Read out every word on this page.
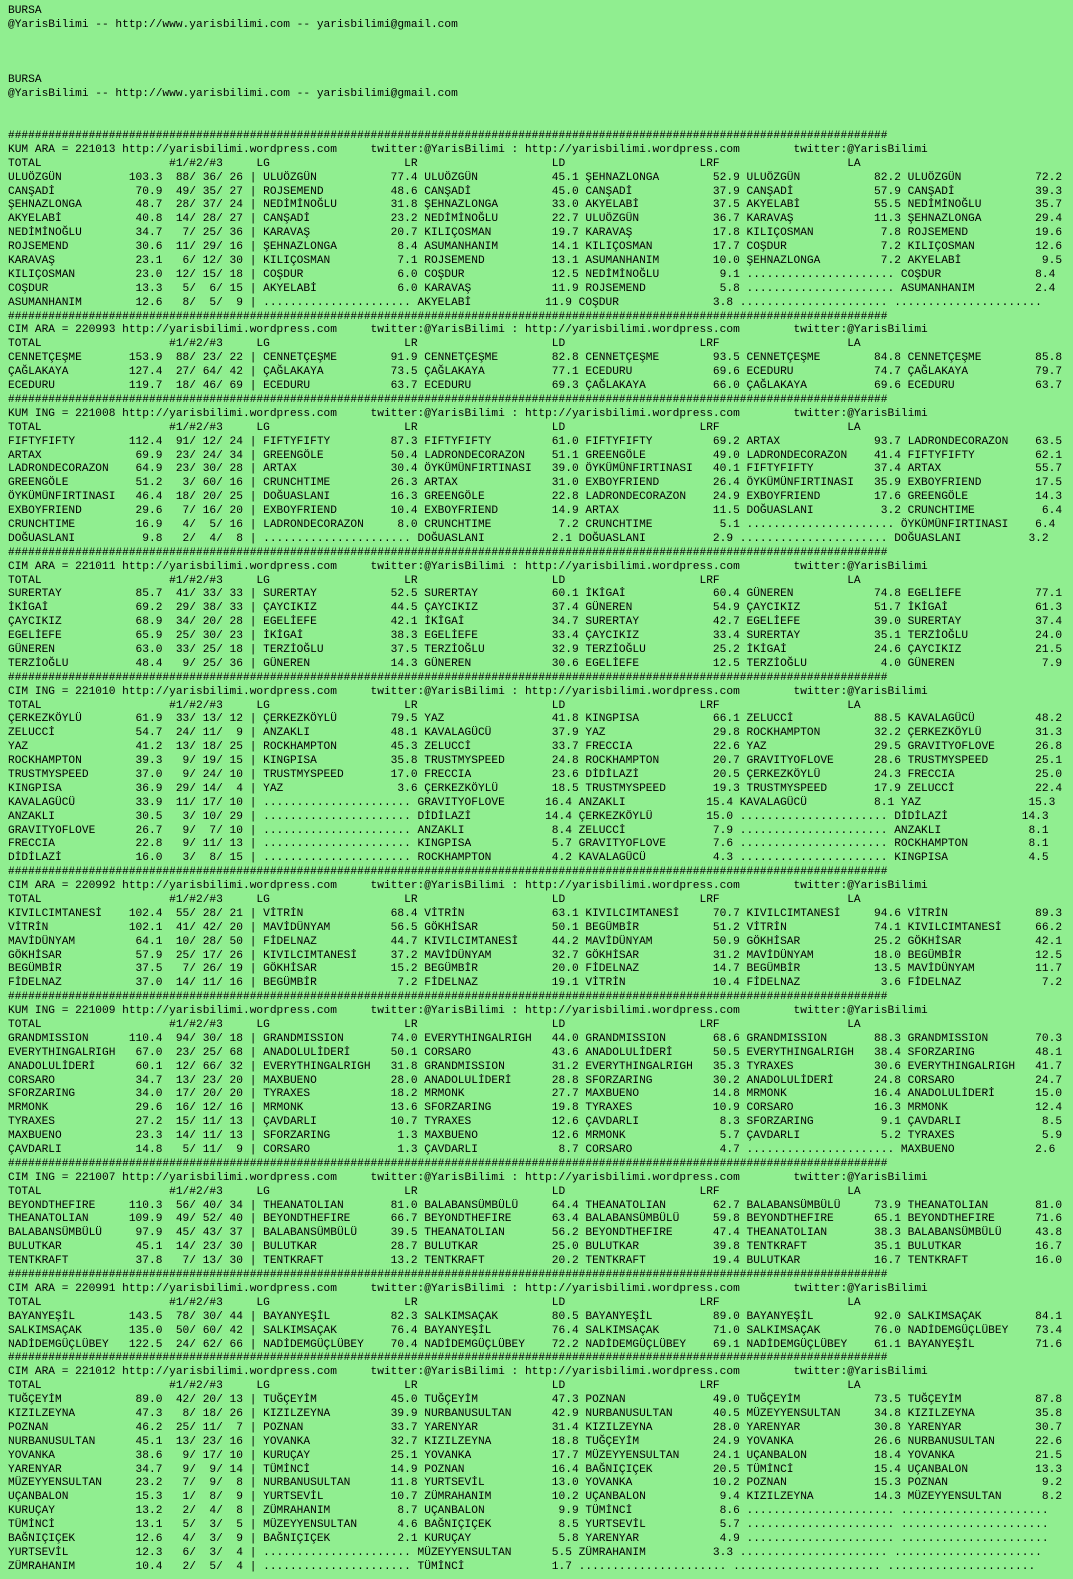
BURSA
@YarisBilimi -- http://www.yarisbilimi.com -- yarisbilimi@gmail.com
BURSA
@YarisBilimi -- http://www.yarisbilimi.com -- yarisbilimi@gmail.com
###################################################################################################################################
KUM ARA = 221013 http://yarisbilimi.wordpress.com     twitter:@YarisBilimi : http://yarisbilimi.wordpress.com        twitter:@YarisBilimi
TOTAL                   #1/#2/#3     LG                    LR                    LD                    LRF                   LA
ULUÖZGÜN          103.3  88/ 36/ 26 | ULUÖZGÜN           77.4 ULUÖZGÜN           45.1 ŞEHNAZLONGA        52.9 ULUÖZGÜN           82.2 ULUÖZGÜN           72.2
CANŞADİ            70.9  49/ 35/ 27 | ROJSEMEND          48.6 CANŞADİ            45.0 CANŞADİ            37.9 CANŞADİ            57.9 CANŞADİ            39.3
ŞEHNAZLONGA        48.7  28/ 37/ 24 | NEDİMİNOĞLU        31.8 ŞEHNAZLONGA        33.0 AKYELABİ           37.5 AKYELABİ           55.5 NEDİMİNOĞLU        35.7
AKYELABİ           40.8  14/ 28/ 27 | CANŞADİ            23.2 NEDİMİNOĞLU        22.7 ULUÖZGÜN           36.7 KARAVAŞ            11.3 ŞEHNAZLONGA        29.4
NEDİMİNOĞLU        34.7   7/ 25/ 36 | KARAVAŞ            20.7 KILIÇOSMAN         19.7 KARAVAŞ            17.8 KILIÇOSMAN          7.8 ROJSEMEND          19.6
ROJSEMEND          30.6  11/ 29/ 16 | ŞEHNAZLONGA         8.4 ASUMANHANIM        14.1 KILIÇOSMAN         17.7 COŞDUR              7.2 KILIÇOSMAN         12.6
KARAVAŞ            23.1   6/ 12/ 30 | KILIÇOSMAN          7.1 ROJSEMEND          13.1 ASUMANHANIM        10.0 ŞEHNAZLONGA         7.2 AKYELABİ            9.5
KILIÇOSMAN         23.0  12/ 15/ 18 | COŞDUR              6.0 COŞDUR             12.5 NEDİMİNOĞLU         9.1 ...................... COŞDUR              8.4
COŞDUR             13.3   5/  6/ 15 | AKYELABİ            6.0 KARAVAŞ            11.9 ROJSEMEND           5.8 ...................... ASUMANHANIM         2.4
ASUMANHANIM        12.6   8/  5/  9 | ...................... AKYELABİ           11.9 COŞDUR              3.8 ...................... ......................
###################################################################################################################################
CIM ARA = 220993 http://yarisbilimi.wordpress.com     twitter:@YarisBilimi : http://yarisbilimi.wordpress.com        twitter:@YarisBilimi
TOTAL                   #1/#2/#3     LG                    LR                    LD                    LRF                   LA
CENNETÇEŞME       153.9  88/ 23/ 22 | CENNETÇEŞME        91.9 CENNETÇEŞME        82.8 CENNETÇEŞME        93.5 CENNETÇEŞME        84.8 CENNETÇEŞME        85.8
ÇAĞLAKAYA         127.4  27/ 64/ 42 | ÇAĞLAKAYA          73.5 ÇAĞLAKAYA          77.1 ECEDURU            69.6 ECEDURU            74.7 ÇAĞLAKAYA          79.7
ECEDURU           119.7  18/ 46/ 69 | ECEDURU            63.7 ECEDURU            69.3 ÇAĞLAKAYA          66.0 ÇAĞLAKAYA          69.6 ECEDURU            63.7
###################################################################################################################################
KUM ING = 221008 http://yarisbilimi.wordpress.com     twitter:@YarisBilimi : http://yarisbilimi.wordpress.com        twitter:@YarisBilimi
TOTAL                   #1/#2/#3     LG                    LR                    LD                    LRF                   LA
FIFTYFIFTY        112.4  91/ 12/ 24 | FIFTYFIFTY         87.3 FIFTYFIFTY         61.0 FIFTYFIFTY         69.2 ARTAX              93.7 LADRONDECORAZON    63.5
ARTAX              69.9  23/ 24/ 34 | GREENGÖLE          50.4 LADRONDECORAZON    51.1 GREENGÖLE          49.0 LADRONDECORAZON    41.4 FIFTYFIFTY         62.1
LADRONDECORAZON    64.9  23/ 30/ 28 | ARTAX              30.4 ÖYKÜMÜNFIRTINASI   39.0 ÖYKÜMÜNFIRTINASI   40.1 FIFTYFIFTY         37.4 ARTAX              55.7
GREENGÖLE          51.2   3/ 60/ 16 | CRUNCHTIME         26.3 ARTAX              31.0 EXBOYFRIEND        26.4 ÖYKÜMÜNFIRTINASI   35.9 EXBOYFRIEND        17.5
ÖYKÜMÜNFIRTINASI   46.4  18/ 20/ 25 | DOĞUASLANI         16.3 GREENGÖLE          22.8 LADRONDECORAZON    24.9 EXBOYFRIEND        17.6 GREENGÖLE          14.3
EXBOYFRIEND        29.6   7/ 16/ 20 | EXBOYFRIEND        10.4 EXBOYFRIEND        14.9 ARTAX              11.5 DOĞUASLANI          3.2 CRUNCHTIME          6.4
CRUNCHTIME         16.9   4/  5/ 16 | LADRONDECORAZON     8.0 CRUNCHTIME          7.2 CRUNCHTIME          5.1 ...................... ÖYKÜMÜNFIRTINASI    6.4
DOĞUASLANI          9.8   2/  4/  8 | ...................... DOĞUASLANI          2.1 DOĞUASLANI          2.9 ...................... DOĞUASLANI          3.2
###################################################################################################################################
CIM ARA = 221011 http://yarisbilimi.wordpress.com     twitter:@YarisBilimi : http://yarisbilimi.wordpress.com        twitter:@YarisBilimi
TOTAL                   #1/#2/#3     LG                    LR                    LD                    LRF                   LA
SURERTAY           85.7  41/ 33/ 33 | SURERTAY           52.5 SURERTAY           60.1 İKİGAİ             60.4 GÜNEREN            74.8 EGELİEFE           77.1
İKİGAİ             69.2  29/ 38/ 33 | ÇAYCIKIZ           44.5 ÇAYCIKIZ           37.4 GÜNEREN            54.9 ÇAYCIKIZ           51.7 İKİGAİ             61.3
ÇAYCIKIZ           68.9  34/ 20/ 28 | EGELİEFE           42.1 İKİGAİ             34.7 SURERTAY           42.7 EGELİEFE           39.0 SURERTAY           37.4
EGELİEFE           65.9  25/ 30/ 23 | İKİGAİ             38.3 EGELİEFE           33.4 ÇAYCIKIZ           33.4 SURERTAY           35.1 TERZİOĞLU          24.0
GÜNEREN            63.0  33/ 25/ 18 | TERZİOĞLU          37.5 TERZİOĞLU          32.9 TERZİOĞLU          25.2 İKİGAİ             24.6 ÇAYCIKIZ           21.5
TERZİOĞLU          48.4   9/ 25/ 36 | GÜNEREN            14.3 GÜNEREN            30.6 EGELİEFE           12.5 TERZİOĞLU           4.0 GÜNEREN             7.9
###################################################################################################################################
CIM ING = 221010 http://yarisbilimi.wordpress.com     twitter:@YarisBilimi : http://yarisbilimi.wordpress.com        twitter:@YarisBilimi
TOTAL                   #1/#2/#3     LG                    LR                    LD                    LRF                   LA
ÇERKEZKÖYLÜ        61.9  33/ 13/ 12 | ÇERKEZKÖYLÜ        79.5 YAZ                41.8 KINGPISA           66.1 ZELUCCİ            88.5 KAVALAGÜCÜ         48.2
ZELUCCİ            54.7  24/ 11/  9 | ANZAKLI            48.1 KAVALAGÜCÜ         37.9 YAZ                29.8 ROCKHAMPTON        32.2 ÇERKEZKÖYLÜ        31.3
YAZ                41.2  13/ 18/ 25 | ROCKHAMPTON        45.3 ZELUCCİ            33.7 FRECCIA            22.6 YAZ                29.5 GRAVITYOFLOVE      26.8
ROCKHAMPTON        39.3   9/ 19/ 15 | KINGPISA           35.8 TRUSTMYSPEED       24.8 ROCKHAMPTON        20.7 GRAVITYOFLOVE      28.6 TRUSTMYSPEED       25.1
TRUSTMYSPEED       37.0   9/ 24/ 10 | TRUSTMYSPEED       17.0 FRECCIA            23.6 DİDİLAZİ           20.5 ÇERKEZKÖYLÜ        24.3 FRECCIA            25.0
KINGPISA           36.9  29/ 14/  4 | YAZ                 3.6 ÇERKEZKÖYLÜ        18.5 TRUSTMYSPEED       19.3 TRUSTMYSPEED       17.9 ZELUCCİ            22.4
KAVALAGÜCÜ         33.9  11/ 17/ 10 | ...................... GRAVITYOFLOVE      16.4 ANZAKLI            15.4 KAVALAGÜCÜ          8.1 YAZ                15.3
ANZAKLI            30.5   3/ 10/ 29 | ...................... DİDİLAZİ           14.4 ÇERKEZKÖYLÜ        15.0 ...................... DİDİLAZİ           14.3
GRAVITYOFLOVE      26.7   9/  7/ 10 | ...................... ANZAKLI             8.4 ZELUCCİ             7.9 ...................... ANZAKLI             8.1
FRECCIA            22.8   9/ 11/ 13 | ...................... KINGPISA            5.7 GRAVITYOFLOVE       7.6 ...................... ROCKHAMPTON         8.1
DİDİLAZİ           16.0   3/  8/ 15 | ...................... ROCKHAMPTON         4.2 KAVALAGÜCÜ          4.3 ...................... KINGPISA            4.5
###################################################################################################################################
CIM ARA = 220992 http://yarisbilimi.wordpress.com     twitter:@YarisBilimi : http://yarisbilimi.wordpress.com        twitter:@YarisBilimi
TOTAL                   #1/#2/#3     LG                    LR                    LD                    LRF                   LA
KIVILCIMTANESİ    102.4  55/ 28/ 21 | VİTRİN             68.4 VİTRİN             63.1 KIVILCIMTANESİ     70.7 KIVILCIMTANESİ     94.6 VİTRİN             89.3
VİTRİN            102.1  41/ 42/ 20 | MAVİDÜNYAM         56.5 GÖKHİSAR           50.1 BEGÜMBİR           51.2 VİTRİN             74.1 KIVILCIMTANESİ     66.2
MAVİDÜNYAM         64.1  10/ 28/ 50 | FİDELNAZ           44.7 KIVILCIMTANESİ     44.2 MAVİDÜNYAM         50.9 GÖKHİSAR           25.2 GÖKHİSAR           42.1
GÖKHİSAR           57.9  25/ 17/ 26 | KIVILCIMTANESİ     37.2 MAVİDÜNYAM         32.7 GÖKHİSAR           31.2 MAVİDÜNYAM         18.0 BEGÜMBİR           12.5
BEGÜMBİR           37.5   7/ 26/ 19 | GÖKHİSAR           15.2 BEGÜMBİR           20.0 FİDELNAZ           14.7 BEGÜMBİR           13.5 MAVİDÜNYAM         11.7
FİDELNAZ           37.0  14/ 11/ 16 | BEGÜMBİR            7.2 FİDELNAZ           19.1 VİTRİN             10.4 FİDELNAZ            3.6 FİDELNAZ            7.2
###################################################################################################################################
KUM ING = 221009 http://yarisbilimi.wordpress.com     twitter:@YarisBilimi : http://yarisbilimi.wordpress.com        twitter:@YarisBilimi
TOTAL                   #1/#2/#3     LG                    LR                    LD                    LRF                   LA
GRANDMISSION      110.4  94/ 30/ 18 | GRANDMISSION       74.0 EVERYTHINGALRIGH   44.0 GRANDMISSION       68.6 GRANDMISSION       88.3 GRANDMISSION       70.3
EVERYTHINGALRIGH   67.0  23/ 25/ 68 | ANADOLULİDERİ      50.1 CORSARO            43.6 ANADOLULİDERİ      50.5 EVERYTHINGALRIGH   38.4 SFORZARING         48.1
ANADOLULİDERİ      60.1  12/ 66/ 32 | EVERYTHINGALRIGH   31.8 GRANDMISSION       31.2 EVERYTHINGALRIGH   35.3 TYRAXES            30.6 EVERYTHINGALRIGH   41.7
CORSARO            34.7  13/ 23/ 20 | MAXBUENO           28.0 ANADOLULİDERİ      28.8 SFORZARING         30.2 ANADOLULİDERİ      24.8 CORSARO            24.7
SFORZARING         34.0  17/ 20/ 20 | TYRAXES            18.2 MRMONK             27.7 MAXBUENO           14.8 MRMONK             16.4 ANADOLULİDERİ      15.0
MRMONK             29.6  16/ 12/ 16 | MRMONK             13.6 SFORZARING         19.8 TYRAXES            10.9 CORSARO            16.3 MRMONK             12.4
TYRAXES            27.2  15/ 11/ 13 | ÇAVDARLI           10.7 TYRAXES            12.6 ÇAVDARLI            8.3 SFORZARING          9.1 ÇAVDARLI            8.5
MAXBUENO           23.3  14/ 11/ 13 | SFORZARING          1.3 MAXBUENO           12.6 MRMONK              5.7 ÇAVDARLI            5.2 TYRAXES             5.9
ÇAVDARLI           14.8   5/ 11/  9 | CORSARO             1.3 ÇAVDARLI            8.7 CORSARO             4.7 ...................... MAXBUENO            2.6
###################################################################################################################################
CIM ING = 221007 http://yarisbilimi.wordpress.com     twitter:@YarisBilimi : http://yarisbilimi.wordpress.com        twitter:@YarisBilimi
TOTAL                   #1/#2/#3     LG                    LR                    LD                    LRF                   LA
BEYONDTHEFIRE     110.3  56/ 40/ 34 | THEANATOLIAN       81.0 BALABANSÜMBÜLÜ     64.4 THEANATOLIAN       62.7 BALABANSÜMBÜLÜ     73.9 THEANATOLIAN       81.0
THEANATOLIAN      109.9  49/ 52/ 40 | BEYONDTHEFIRE      66.7 BEYONDTHEFIRE      63.4 BALABANSÜMBÜLÜ     59.8 BEYONDTHEFIRE      65.1 BEYONDTHEFIRE      71.6
BALABANSÜMBÜLÜ     97.9  45/ 43/ 37 | BALABANSÜMBÜLÜ     39.5 THEANATOLIAN       56.2 BEYONDTHEFIRE      47.4 THEANATOLIAN       38.3 BALABANSÜMBÜLÜ     43.8
BULUTKAR           45.1  14/ 23/ 30 | BULUTKAR           28.7 BULUTKAR           25.0 BULUTKAR           39.8 TENTKRAFT          35.1 BULUTKAR           16.7
TENTKRAFT          37.8   7/ 13/ 30 | TENTKRAFT          13.2 TENTKRAFT          20.2 TENTKRAFT          19.4 BULUTKAR           16.7 TENTKRAFT          16.0
###################################################################################################################################
CIM ARA = 220991 http://yarisbilimi.wordpress.com     twitter:@YarisBilimi : http://yarisbilimi.wordpress.com        twitter:@YarisBilimi
TOTAL                   #1/#2/#3     LG                    LR                    LD                    LRF                   LA
BAYANYEŞİL        143.5  78/ 30/ 44 | BAYANYEŞİL         82.3 SALKIMSAÇAK        80.5 BAYANYEŞİL         89.0 BAYANYEŞİL         92.0 SALKIMSAÇAK        84.1
SALKIMSAÇAK       135.0  50/ 60/ 42 | SALKIMSAÇAK        76.4 BAYANYEŞİL         76.4 SALKIMSAÇAK        71.0 SALKIMSAÇAK        76.0 NADİDEMGÜÇLÜBEY    73.4
NADİDEMGÜÇLÜBEY   122.5  24/ 62/ 66 | NADİDEMGÜÇLÜBEY    70.4 NADİDEMGÜÇLÜBEY    72.2 NADİDEMGÜÇLÜBEY    69.1 NADİDEMGÜÇLÜBEY    61.1 BAYANYEŞİL         71.6
###################################################################################################################################
CIM ARA = 221012 http://yarisbilimi.wordpress.com     twitter:@YarisBilimi : http://yarisbilimi.wordpress.com        twitter:@YarisBilimi
TOTAL                   #1/#2/#3     LG                    LR                    LD                    LRF                   LA
TUĞÇEYİM           89.0  42/ 20/ 13 | TUĞÇEYİM           45.0 TUĞÇEYİM           47.3 POZNAN             49.0 TUĞÇEYİM           73.5 TUĞÇEYİM           87.8
KIZILZEYNA         47.3   8/ 18/ 26 | KIZILZEYNA         39.9 NURBANUSULTAN      42.9 NURBANUSULTAN      40.5 MÜZEYYENSULTAN     34.8 KIZILZEYNA         35.8
POZNAN             46.2  25/ 11/  7 | POZNAN             33.7 YARENYAR           31.4 KIZILZEYNA         28.0 YARENYAR           30.8 YARENYAR           30.7
NURBANUSULTAN      45.1  13/ 23/ 16 | YOVANKA            32.7 KIZILZEYNA         18.8 TUĞÇEYİM           24.9 YOVANKA            26.6 NURBANUSULTAN      22.6
YOVANKA            38.6   9/ 17/ 10 | KURUÇAY            25.1 YOVANKA            17.7 MÜZEYYENSULTAN     24.1 UÇANBALON          18.4 YOVANKA            21.5
YARENYAR           34.7   9/  9/ 14 | TÜMİNCİ            14.9 POZNAN             16.4 BAĞNIÇIÇEK         20.5 TÜMİNCİ            15.4 UÇANBALON          13.3
MÜZEYYENSULTAN     23.2   7/  9/  8 | NURBANUSULTAN      11.8 YURTSEVİL          13.0 YOVANKA            10.2 POZNAN             15.3 POZNAN              9.2
UÇANBALON          15.3   1/  8/  9 | YURTSEVİL          10.7 ZÜMRAHANIM         10.2 UÇANBALON           9.4 KIZILZEYNA         14.3 MÜZEYYENSULTAN      8.2
KURUÇAY            13.2   2/  4/  8 | ZÜMRAHANIM          8.7 UÇANBALON           9.9 TÜMİNCİ             8.6 ...................... ......................
TÜMİNCİ            13.1   5/  3/  5 | MÜZEYYENSULTAN      4.6 BAĞNIÇIÇEK          8.5 YURTSEVİL           5.7 ...................... ......................
BAĞNIÇIÇEK         12.6   4/  3/  9 | BAĞNIÇIÇEK          2.1 KURUÇAY             5.8 YARENYAR            4.9 ...................... ......................
YURTSEVİL          12.3   6/  3/  4 | ...................... MÜZEYYENSULTAN      5.5 ZÜMRAHANIM          3.3 ...................... ......................
ZÜMRAHANIM         10.4   2/  5/  4 | ...................... TÜMİNCİ             1.7 ...................... ...................... ......................
